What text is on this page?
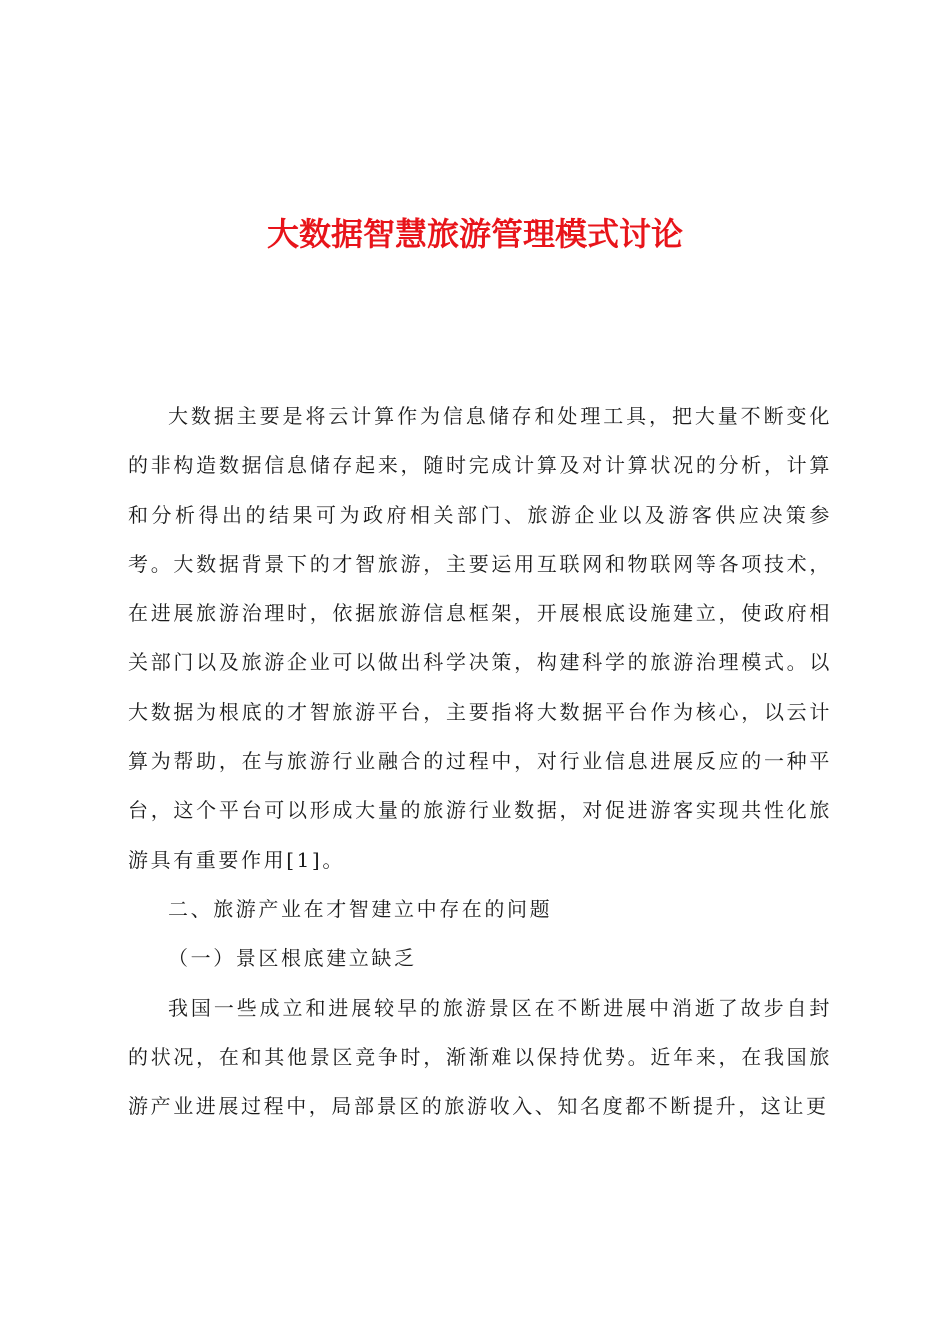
大数据智慧旅游管理模式讨论

大数据主要是将云计算作为信息储存和处理工具，把大量不断变化的非构造数据信息储存起来，随时完成计算及对计算状况的分析，计算和分析得出的结果可为政府相关部门、旅游企业以及游客供应决策参考。大数据背景下的才智旅游，主要运用互联网和物联网等各项技术，在进展旅游治理时，依据旅游信息框架，开展根底设施建立，使政府相关部门以及旅游企业可以做出科学决策，构建科学的旅游治理模式。以大数据为根底的才智旅游平台，主要指将大数据平台作为核心，以云计算为帮助，在与旅游行业融合的过程中，对行业信息进展反应的一种平台，这个平台可以形成大量的旅游行业数据，对促进游客实现共性化旅游具有重要作用[1]。

二、旅游产业在才智建立中存在的问题

（一）景区根底建立缺乏

我国一些成立和进展较早的旅游景区在不断进展中消逝了故步自封的状况，在和其他景区竞争时，渐渐难以保持优势。近年来，在我国旅游产业进展过程中，局部景区的旅游收入、知名度都不断提升，这让更
